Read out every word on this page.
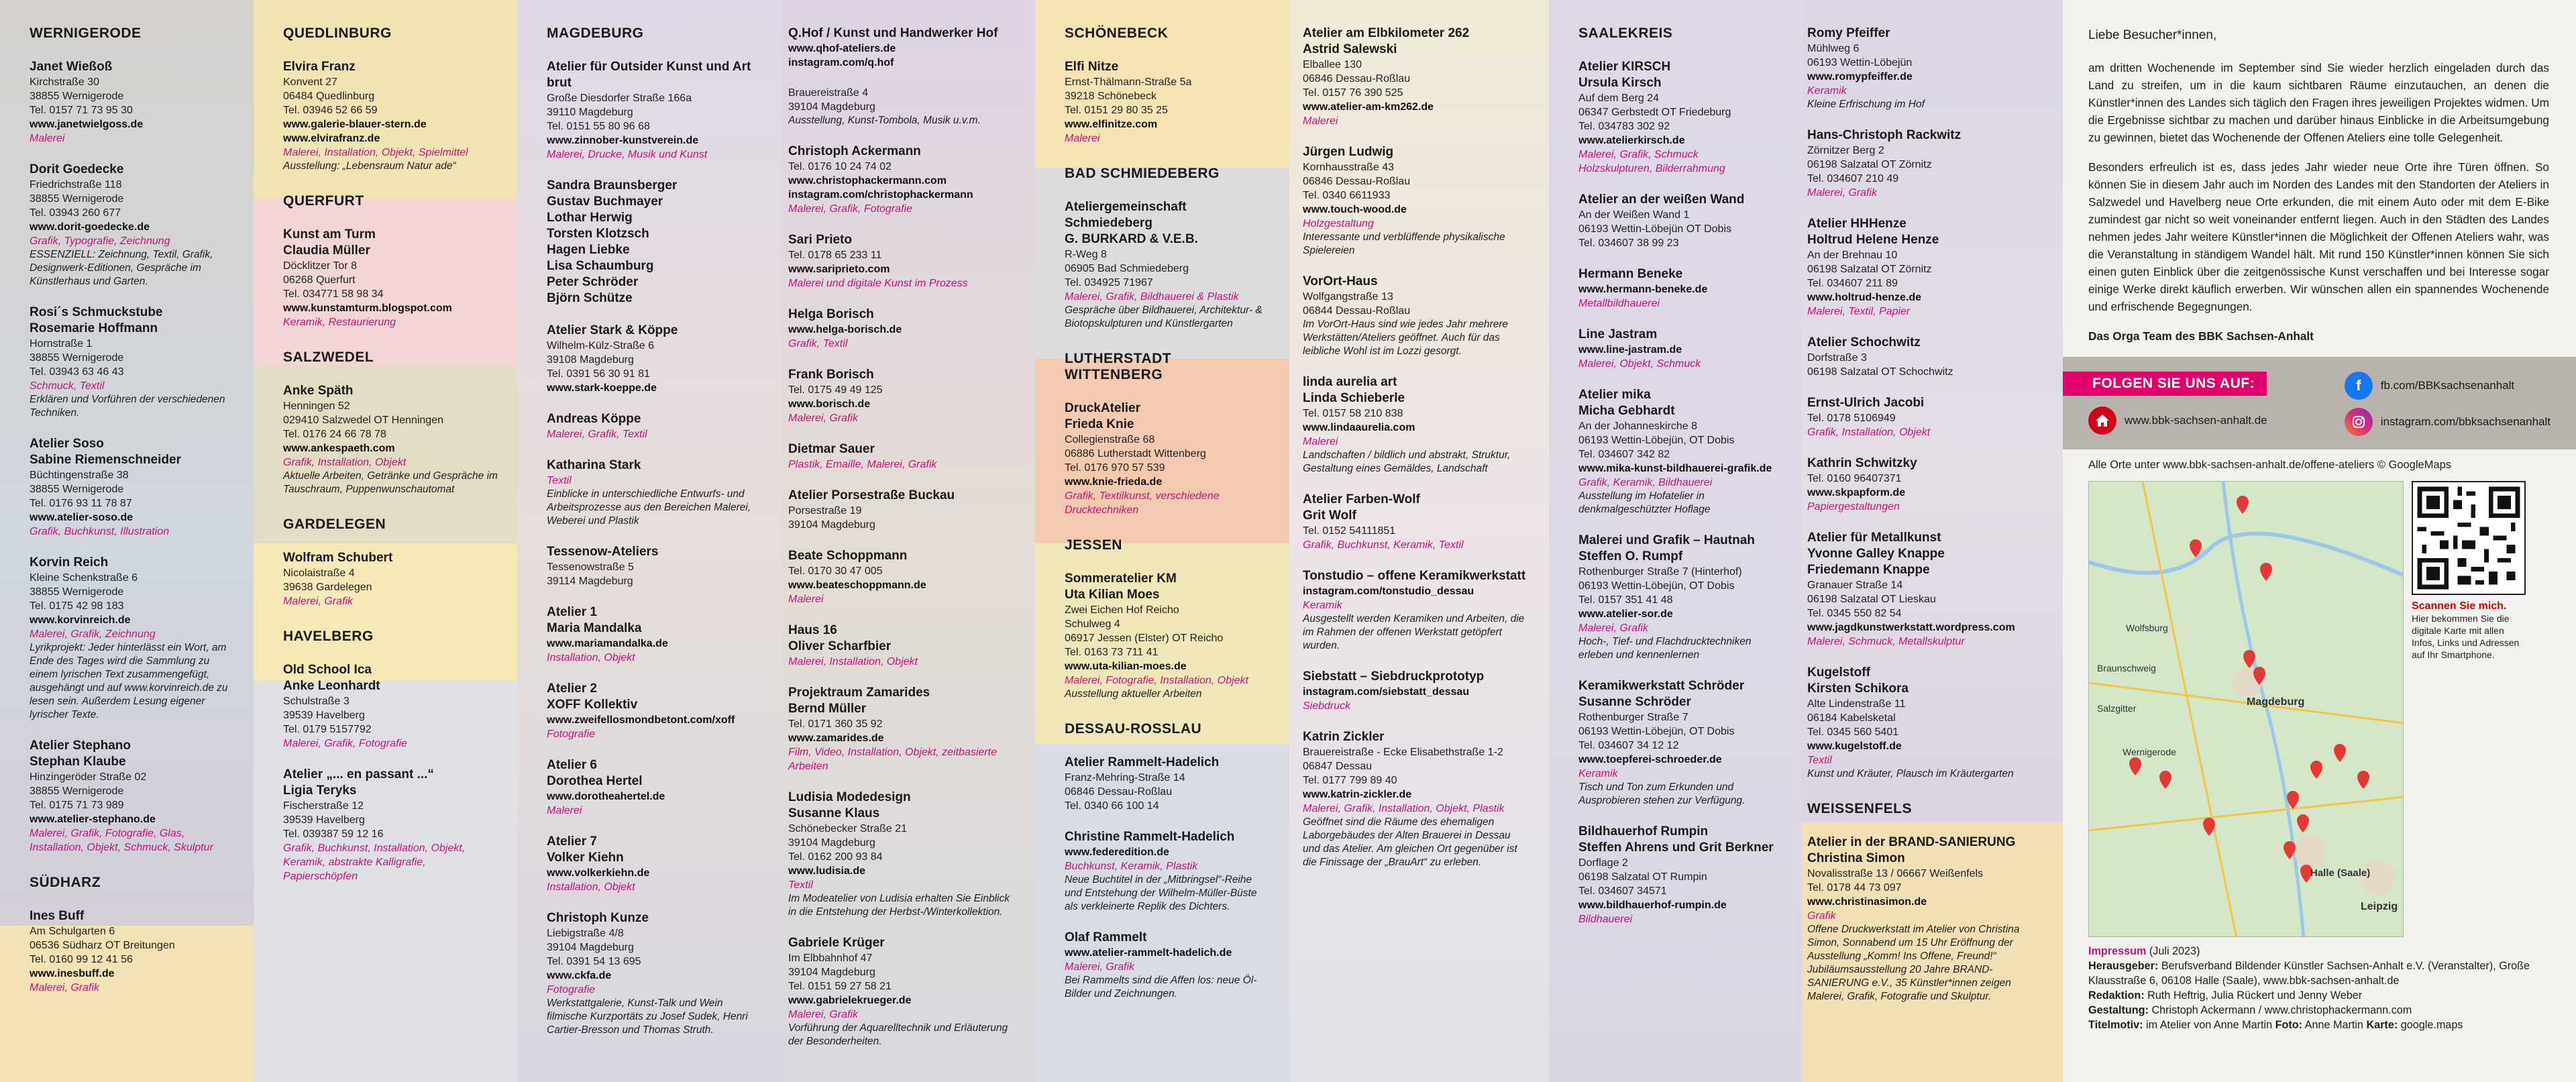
WERNIGERODE
Janet Wießoß
Kirchstraße 30
38855 Wernigerode
Tel. 0157 71 73 95 30
www.janetwielgoss.de
Malerei
Dorit Goedecke
Friedrichstraße 118
38855 Wernigerode
Tel. 03943 260 677
www.dorit-goedecke.de
Grafik, Typografie, Zeichnung
ESSENZIELL: Zeichnung, Textil, Grafik, Designwerk-Editionen, Gespräche im Künstlerhaus und Garten.
Rosi´s Schmuckstube
Rosemarie Hoffmann
Hornstraße 1
38855 Wernigerode
Tel. 03943 63 46 43
Schmuck, Textil
Erklären und Vorführen der verschiedenen Techniken.
Atelier Soso
Sabine Riemenschneider
Büchtingenstraße 38
38855 Wernigerode
Tel. 0176 93 11 78 87
www.atelier-soso.de
Grafik, Buchkunst, Illustration
Korvin Reich
Kleine Schenkstraße 6
38855 Wernigerode
Tel. 0175 42 98 183
www.korvinreich.de
Malerei, Grafik, Zeichnung
Lyrikprojekt: Jeder hinterlässt ein Wort, am Ende des Tages wird die Sammlung zu einem lyrischen Text zusammengefügt, ausgehängt und auf www.korvinreich.de zu lesen sein. Außerdem Lesung eigener lyrischer Texte.
Atelier Stephano
Stephan Klaube
Hinzingeröder Straße 02
38855 Wernigerode
Tel. 0175 71 73 989
www.atelier-stephano.de
Malerei, Grafik, Fotografie, Glas, Installation, Objekt, Schmuck, Skulptur
SÜDHARZ
Ines Buff
Am Schulgarten 6
06536 Südharz OT Breitungen
Tel. 0160 99 12 41 56
www.inesbuff.de
Malerei, Grafik
QUEDLINBURG
Elvira Franz
Konvent 27
06484 Quedlinburg
Tel. 03946 52 66 59
www.galerie-blauer-stern.de
www.elvirafranz.de
Malerei, Installation, Objekt, Spielmittel
Ausstellung: „Lebensraum Natur ade“
QUERFURT
Kunst am Turm
Claudia Müller
Döcklitzer Tor 8
06268 Querfurt
Tel. 034771 58 98 34
www.kunstamturm.blogspot.com
Keramik, Restaurierung
SALZWEDEL
Anke Späth
Henningen 52
029410 Salzwedel OT Henningen
Tel. 0176 24 66 78 78
www.ankespaeth.com
Grafik, Installation, Objekt
Aktuelle Arbeiten, Getränke und Gespräche im Tauschraum, Puppenwunschautomat
GARDELEGEN
Wolfram Schubert
Nicolaistraße 4
39638 Gardelegen
Malerei, Grafik
HAVELBERG
Old School Ica
Anke Leonhardt
Schulstraße 3
39539 Havelberg
Tel. 0179 5157792
Malerei, Grafik, Fotografie
Atelier „... en passant ...“
Ligia Teryks
Fischerstraße 12
39539 Havelberg
Tel. 039387 59 12 16
Grafik, Buchkunst, Installation, Objekt, Keramik, abstrakte Kalligrafie, Papierschöpfen
MAGDEBURG
Atelier für Outsider Kunst und Art brut
Große Diesdorfer Straße 166a
39110 Magdeburg
Tel. 0151 55 80 96 68
www.zinnober-kunstverein.de
Malerei, Drucke, Musik und Kunst
Sandra Braunsberger
Gustav Buchmayer
Lothar Herwig
Torsten Klotzsch
Hagen Liebke
Lisa Schaumburg
Peter Schröder
Björn Schütze
Atelier Stark & Köppe
Wilhelm-Külz-Straße 6
39108 Magdeburg
Tel. 0391 56 30 91 81
www.stark-koeppe.de
Andreas Köppe
Malerei, Grafik, Textil
Katharina Stark
Textil
Einblicke in unterschiedliche Entwurfs- und Arbeitsprozesse aus den Bereichen Malerei, Weberei und Plastik
Tessenow-Ateliers
Tessenowstraße 5
39114 Magdeburg
Atelier 1
Maria Mandalka
www.mariamandalka.de
Installation, Objekt
Atelier 2
XOFF Kollektiv
www.zweifellosmondbetont.com/xoff
Fotografie
Atelier 6
Dorothea Hertel
www.dorotheahertel.de
Malerei
Atelier 7
Volker Kiehn
www.volkerkiehn.de
Installation, Objekt
Christoph Kunze
Liebigstraße 4/8
39104 Magdeburg
Tel. 0391 54 13 695
www.ckfa.de
Fotografie
Werkstattgalerie, Kunst-Talk und Wein filmische Kurzportäts zu Josef Sudek, Henri Cartier-Bresson und Thomas Struth.
Q.Hof / Kunst und Handwerker Hof
www.qhof-ateliers.de
instagram.com/q.hof
Brauereistraße 4
39104 Magdeburg
Ausstellung, Kunst-Tombola, Musik u.v.m.
Christoph Ackermann
Tel. 0176 10 24 74 02
www.christophackermann.com
instagram.com/christophackermann
Malerei, Grafik, Fotografie
Sari Prieto
Tel. 0178 65 233 11
www.sariprieto.com
Malerei und digitale Kunst im Prozess
Helga Borisch
www.helga-borisch.de
Grafik, Textil
Frank Borisch
Tel. 0175 49 49 125
www.borisch.de
Malerei, Grafik
Dietmar Sauer
Plastik, Emaille, Malerei, Grafik
Atelier Porsestraße Buckau
Porsestraße 19
39104 Magdeburg
Beate Schoppmann
Tel. 0170 30 47 005
www.beateschoppmann.de
Malerei
Haus 16
Oliver Scharfbier
Malerei, Installation, Objekt
Projektraum Zamarides
Bernd Müller
Tel. 0171 360 35 92
www.zamarides.de
Film, Video, Installation, Objekt, zeitbasierte Arbeiten
Ludisia Modedesign
Susanne Klaus
Schönebecker Straße 21
39104 Magdeburg
Tel. 0162 200 93 84
www.ludisia.de
Textil
Im Modeatelier von Ludisia erhalten Sie Einblick in die Entstehung der Herbst-/Winterkollektion.
Gabriele Krüger
Im Elbbahnhof 47
39104 Magdeburg
Tel. 0151 59 27 58 21
www.gabrielekrueger.de
Malerei, Grafik
Vorführung der Aquarelltechnik und Erläuterung der Besonderheiten.
SCHÖNEBECK
Elfi Nitze
Ernst-Thälmann-Straße 5a
39218 Schönebeck
Tel. 0151 29 80 35 25
www.elfinitze.com
Malerei
BAD SCHMIEDEBERG
Ateliergemeinschaft Schmiedeberg
G. BURKARD & V.E.B.
R-Weg 8
06905 Bad Schmiedeberg
Tel. 034925 71967
Malerei, Grafik, Bildhauerei & Plastik
Gespräche über Bildhauerei, Architektur- & Biotopskulpturen und Künstlergarten
LUTHERSTADT WITTENBERG
DruckAtelier
Frieda Knie
Collegienstraße 68
06886 Lutherstadt Wittenberg
Tel. 0176 970 57 539
www.knie-frieda.de
Grafik, Textilkunst, verschiedene Drucktechniken
JESSEN
Sommeratelier KM
Uta Kilian Moes
Zwei Eichen Hof Reicho
Schulweg 4
06917 Jessen (Elster) OT Reicho
Tel. 0163 73 711 41
www.uta-kilian-moes.de
Malerei, Fotografie, Installation, Objekt
Ausstellung aktueller Arbeiten
DESSAU-ROSSLAU
Atelier Rammelt-Hadelich
Franz-Mehring-Straße 14
06846 Dessau-Roßlau
Tel. 0340 66 100 14
Christine Rammelt-Hadelich
www.federedition.de
Buchkunst, Keramik, Plastik
Neue Buchtitel in der „Mitbringsel“-Reihe und Entstehung der Wilhelm-Müller-Büste als verkleinerte Replik des Dichters.
Olaf Rammelt
www.atelier-rammelt-hadelich.de
Malerei, Grafik
Bei Rammelts sind die Affen los: neue Öl-Bilder und Zeichnungen.
Atelier am Elbkilometer 262
Astrid Salewski
Elballee 130
06846 Dessau-Roßlau
Tel. 0157 76 390 525
www.atelier-am-km262.de
Malerei
Jürgen Ludwig
Kornhausstraße 43
06846 Dessau-Roßlau
Tel. 0340 6611933
www.touch-wood.de
Holzgestaltung
Interessante und verblüffende physikalische Spielereien
VorOrt-Haus
Wolfgangstraße 13
06844 Dessau-Roßlau
Im VorOrt-Haus sind wie jedes Jahr mehrere Werkstätten/Ateliers geöffnet. Auch für das leibliche Wohl ist im Lozzi gesorgt.
linda aurelia art
Linda Schieberle
Tel. 0157 58 210 838
www.lindaaurelia.com
Malerei
Landschaften / bildlich und abstrakt, Struktur, Gestaltung eines Gemäldes, Landschaft
Atelier Farben-Wolf
Grit Wolf
Tel. 0152 54111851
Grafik, Buchkunst, Keramik, Textil
Tonstudio – offene Keramikwerkstatt
instagram.com/tonstudio_dessau
Keramik
Ausgestellt werden Keramiken und Arbeiten, die im Rahmen der offenen Werkstatt getöpfert wurden.
Siebstatt – Siebdruckprototyp
instagram.com/siebstatt_dessau
Siebdruck
Katrin Zickler
Brauereistraße - Ecke Elisabethstraße 1-2
06847 Dessau
Tel. 0177 799 89 40
www.katrin-zickler.de
Malerei, Grafik, Installation, Objekt, Plastik
Geöffnet sind die Räume des ehemaligen Laborgebäudes der Alten Brauerei in Dessau und das Atelier. Am gleichen Ort gegenüber ist die Finissage der „BrauArt“ zu erleben.
SAALEKREIS
Atelier KIRSCH
Ursula Kirsch
Auf dem Berg 24
06347 Gerbstedt OT Friedeburg
Tel. 034783 302 92
www.atelierkirsch.de
Malerei, Grafik, Schmuck
Holzskulpturen, Bilderrahmung
Atelier an der weißen Wand
An der Weißen Wand 1
06193 Wettin-Löbejün OT Dobis
Tel. 034607 38 99 23
Hermann Beneke
www.hermann-beneke.de
Metallbildhauerei
Line Jastram
www.line-jastram.de
Malerei, Objekt, Schmuck
Atelier mika
Micha Gebhardt
An der Johanneskirche 8
06193 Wettin-Löbejün, OT Dobis
Tel. 034607 342 82
www.mika-kunst-bildhauerei-grafik.de
Grafik, Keramik, Bildhauerei
Ausstellung im Hofatelier in denkmalgeschützter Hoflage
Malerei und Grafik – Hautnah
Steffen O. Rumpf
Rothenburger Straße 7 (Hinterhof)
06193 Wettin-Löbejün, OT Dobis
Tel. 0157 351 41 48
www.atelier-sor.de
Malerei, Grafik
Hoch-, Tief- und Flachdrucktechniken erleben und kennenlernen
Keramikwerkstatt Schröder
Susanne Schröder
Rothenburger Straße 7
06193 Wettin-Löbejün, OT Dobis
Tel. 034607 34 12 12
www.toepferei-schroeder.de
Keramik
Tisch und Ton zum Erkunden und Ausprobieren stehen zur Verfügung.
Bildhauerhof Rumpin
Steffen Ahrens und Grit Berkner
Dorflage 2
06198 Salzatal OT Rumpin
Tel. 034607 34571
www.bildhauerhof-rumpin.de
Bildhauerei
Romy Pfeiffer
Mühlweg 6
06193 Wettin-Löbejün
www.romypfeiffer.de
Keramik
Kleine Erfrischung im Hof
Hans-Christoph Rackwitz
Zörnitzer Berg 2
06198 Salzatal OT Zörnitz
Tel. 034607 210 49
Malerei, Grafik
Atelier HHHenze
Holtrud Helene Henze
An der Brehnau 10
06198 Salzatal OT Zörnitz
Tel. 034607 211 89
www.holtrud-henze.de
Malerei, Textil, Papier
Atelier Schochwitz
Dorfstraße 3
06198 Salzatal OT Schochwitz
Ernst-Ulrich Jacobi
Tel. 0178 5106949
Grafik, Installation, Objekt
Kathrin Schwitzky
Tel. 0160 96407371
www.skpapform.de
Papiergestaltungen
Atelier für Metallkunst
Yvonne Galley Knappe
Friedemann Knappe
Granauer Straße 14
06198 Salzatal OT Lieskau
Tel. 0345 550 82 54
www.jagdkunstwerkstatt.wordpress.com
Malerei, Schmuck, Metallskulptur
Kugelstoff
Kirsten Schikora
Alte Lindenstraße 11
06184 Kabelsketal
Tel. 0345 560 5401
www.kugelstoff.de
Textil
Kunst und Kräuter, Plausch im Kräutergarten
WEISSENFELS
Atelier in der BRAND-SANIERUNG
Christina Simon
Novalisstraße 13 / 06667 Weißenfels
Tel. 0178 44 73 097
www.christinasimon.de
Grafik
Offene Druckwerkstatt im Atelier von Christina Simon, Sonnabend um 15 Uhr Eröffnung der Ausstellung „Komm! Ins Offene, Freund!“ Jubiläumsausstellung 20 Jahre BRAND-SANIERUNG e.V., 35 Künstler*innen zeigen Malerei, Grafik, Fotografie und Skulptur.

Liebe Besucher*innen,

am dritten Wochenende im September sind Sie wieder herzlich eingeladen durch das Land zu streifen, um in die kaum sichtbaren Räume einzutauchen, an denen die Künstler*innen des Landes sich täglich den Fragen ihres jeweiligen Projektes widmen. Um die Ergebnisse sichtbar zu machen und darüber hinaus Einblicke in die Arbeitsumgebung zu gewinnen, bietet das Wochenende der Offenen Ateliers eine tolle Gelegenheit.

Besonders erfreulich ist es, dass jedes Jahr wieder neue Orte ihre Türen öffnen. So können Sie in diesem Jahr auch im Norden des Landes mit den Standorten der Ateliers in Salzwedel und Havelberg neue Orte erkunden, die mit einem Auto oder mit dem E-Bike zumindest gar nicht so weit voneinander entfernt liegen. Auch in den Städten des Landes nehmen jedes Jahr weitere Künstler*innen die Möglichkeit der Offenen Ateliers wahr, was die Veranstaltung in ständigem Wandel hält. Mit rund 150 Künstler*innen können Sie sich einen guten Einblick über die zeitgenössische Kunst verschaffen und bei Interesse sogar einige Werke direkt käuflich erwerben. Wir wünschen allen ein spannendes Wochenende und erfrischende Begegnungen.

Das Orga Team des BBK Sachsen-Anhalt

FOLGEN SIE UNS AUF:
www.bbk-sachsen-anhalt.de
f	fb.com/BBKsachsenanhalt
instagram.com/bbksachsenanhalt
Alle Orte unter www.bbk-sachsen-anhalt.de/offene-ateliers © GoogleMaps
Magdeburg
Halle (Saale)
Leipzig
Wolfsburg
Braunschweig
Salzgitter
Wernigerode
Scannen Sie mich.
Hier bekommen Sie die digitale Karte mit allen Infos, Links und Adressen auf Ihr Smartphone.
Impressum (Juli 2023)
Herausgeber: Berufsverband Bildender Künstler Sachsen-Anhalt e.V. (Veranstalter), Große Klausstraße 6, 06108 Halle (Saale), www.bbk-sachsen-anhalt.de
Redaktion: Ruth Heftrig, Julia Rückert und Jenny Weber
Gestaltung: Christoph Ackermann / www.christophackermann.com
Titelmotiv: im Atelier von Anne Martin Foto: Anne Martin Karte: google.maps
